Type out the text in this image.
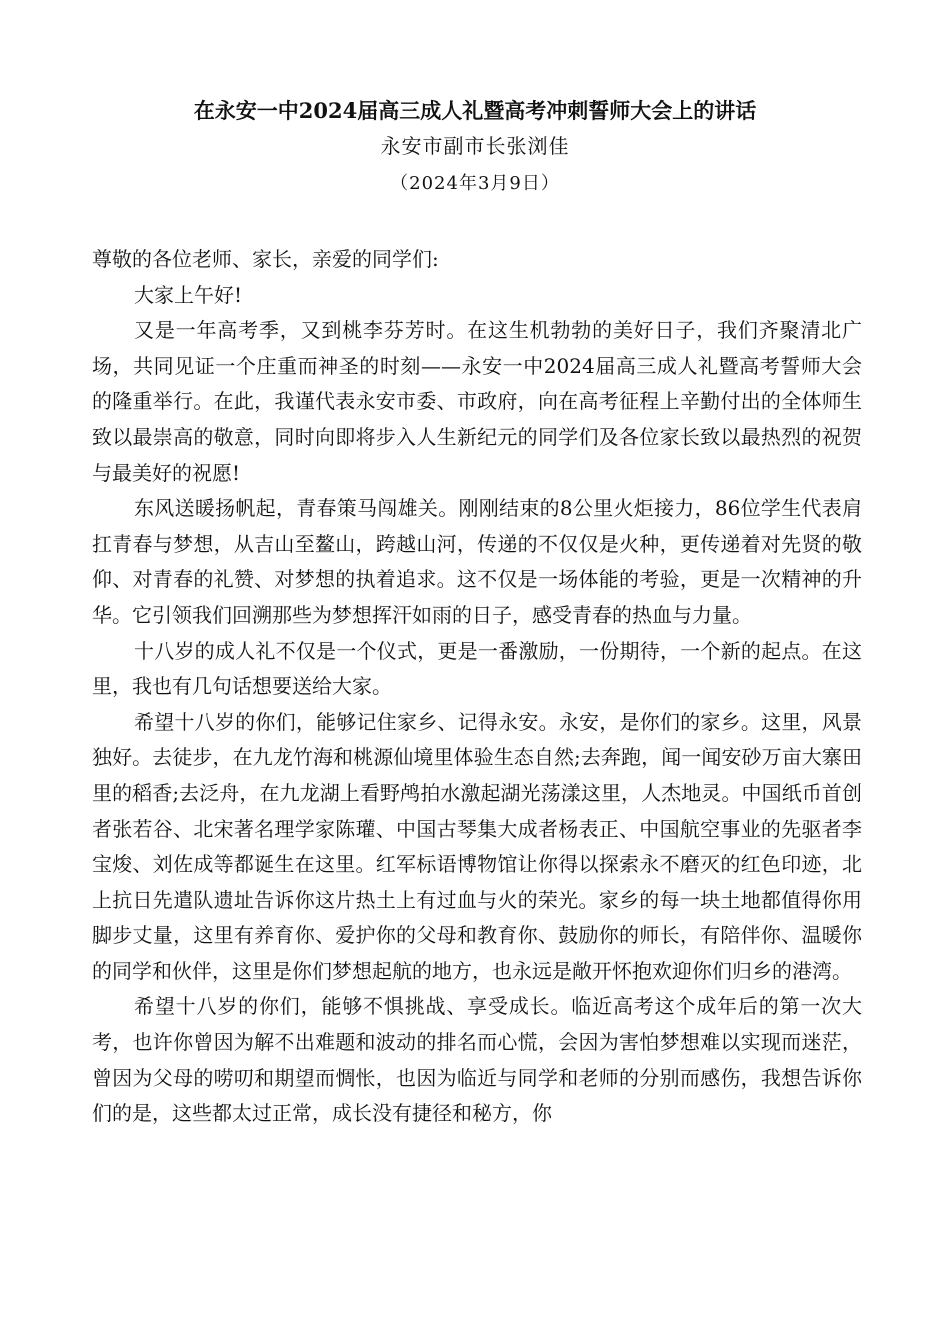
在永安一中2024届高三成人礼暨高考冲刺誓师大会上的讲话
永安市副市长张浏佳
（2024年3月9日）

尊敬的各位老师、家长，亲爱的同学们:

大家上午好!

又是一年高考季，又到桃李芬芳时。在这生机勃勃的美好日子，我们齐聚清北广场，共同见证一个庄重而神圣的时刻——永安一中2024届高三成人礼暨高考誓师大会的隆重举行。在此，我谨代表永安市委、市政府，向在高考征程上辛勤付出的全体师生致以最崇高的敬意，同时向即将步入人生新纪元的同学们及各位家长致以最热烈的祝贺与最美好的祝愿!

东风送暖扬帆起，青春策马闯雄关。刚刚结束的8公里火炬接力，86位学生代表肩扛青春与梦想，从吉山至鳌山，跨越山河，传递的不仅仅是火种，更传递着对先贤的敬仰、对青春的礼赞、对梦想的执着追求。这不仅是一场体能的考验，更是一次精神的升华。它引领我们回溯那些为梦想挥汗如雨的日子，感受青春的热血与力量。

十八岁的成人礼不仅是一个仪式，更是一番激励，一份期待，一个新的起点。在这里，我也有几句话想要送给大家。

希望十八岁的你们，能够记住家乡、记得永安。永安，是你们的家乡。这里，风景独好。去徒步，在九龙竹海和桃源仙境里体验生态自然;去奔跑，闻一闻安砂万亩大寨田里的稻香;去泛舟，在九龙湖上看野鸬拍水激起湖光荡漾这里，人杰地灵。中国纸币首创者张若谷、北宋著名理学家陈瓘、中国古琴集大成者杨表正、中国航空事业的先驱者李宝焌、刘佐成等都诞生在这里。红军标语博物馆让你得以探索永不磨灭的红色印迹，北上抗日先遣队遗址告诉你这片热土上有过血与火的荣光。家乡的每一块土地都值得你用脚步丈量，这里有养育你、爱护你的父母和教育你、鼓励你的师长，有陪伴你、温暖你的同学和伙伴，这里是你们梦想起航的地方，也永远是敞开怀抱欢迎你们归乡的港湾。

希望十八岁的你们，能够不惧挑战、享受成长。临近高考这个成年后的第一次大考，也许你曾因为解不出难题和波动的排名而心慌，会因为害怕梦想难以实现而迷茫，曾因为父母的唠叨和期望而惆怅，也因为临近与同学和老师的分别而感伤，我想告诉你们的是，这些都太过正常，成长没有捷径和秘方，你
